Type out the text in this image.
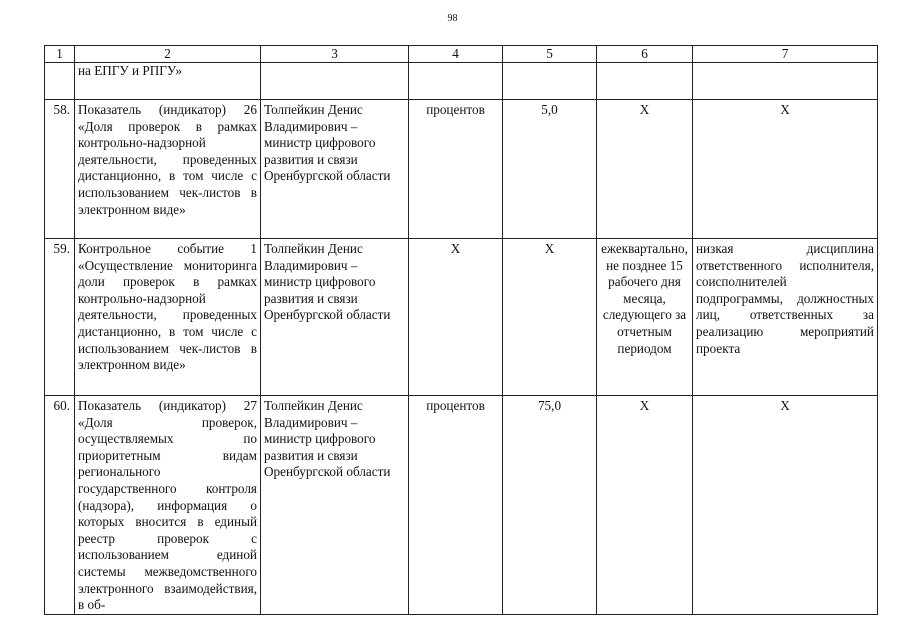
98
1	2	3	4	5	6	7
	на ЕПГУ и РПГУ»					
58.	Показатель (индикатор) 26 «Доля проверок в рамках контрольно-надзорной деятельности, проведенных дистанционно, в том числе с использованием чек-листов в электронном виде»	Толпейкин Денис Владимирович – министр цифрового развития и связи Оренбургской области	процентов	5,0	Х	Х
59.	Контрольное событие 1 «Осуществление мониторинга доли проверок в рамках контрольно-надзорной деятельности, проведенных дистанционно, в том числе с использованием чек-листов в электронном виде»	Толпейкин Денис Владимирович – министр цифрового развития и связи Оренбургской области	Х	Х	ежеквартально, не позднее 15 рабочего дня месяца, следующего за отчетным периодом	низкая дисциплина ответственного исполнителя, соисполнителей подпрограммы, должностных лиц, ответственных за реализацию мероприятий проекта
60.	Показатель (индикатор) 27 «Доля проверок, осуществляемых по приоритетным видам регионального государственного контроля (надзора), информация о которых вносится в единый реестр проверок с использованием единой системы межведомственного электронного взаимодействия, в об-	Толпейкин Денис Владимирович – министр цифрового развития и связи Оренбургской области	процентов	75,0	Х	Х
